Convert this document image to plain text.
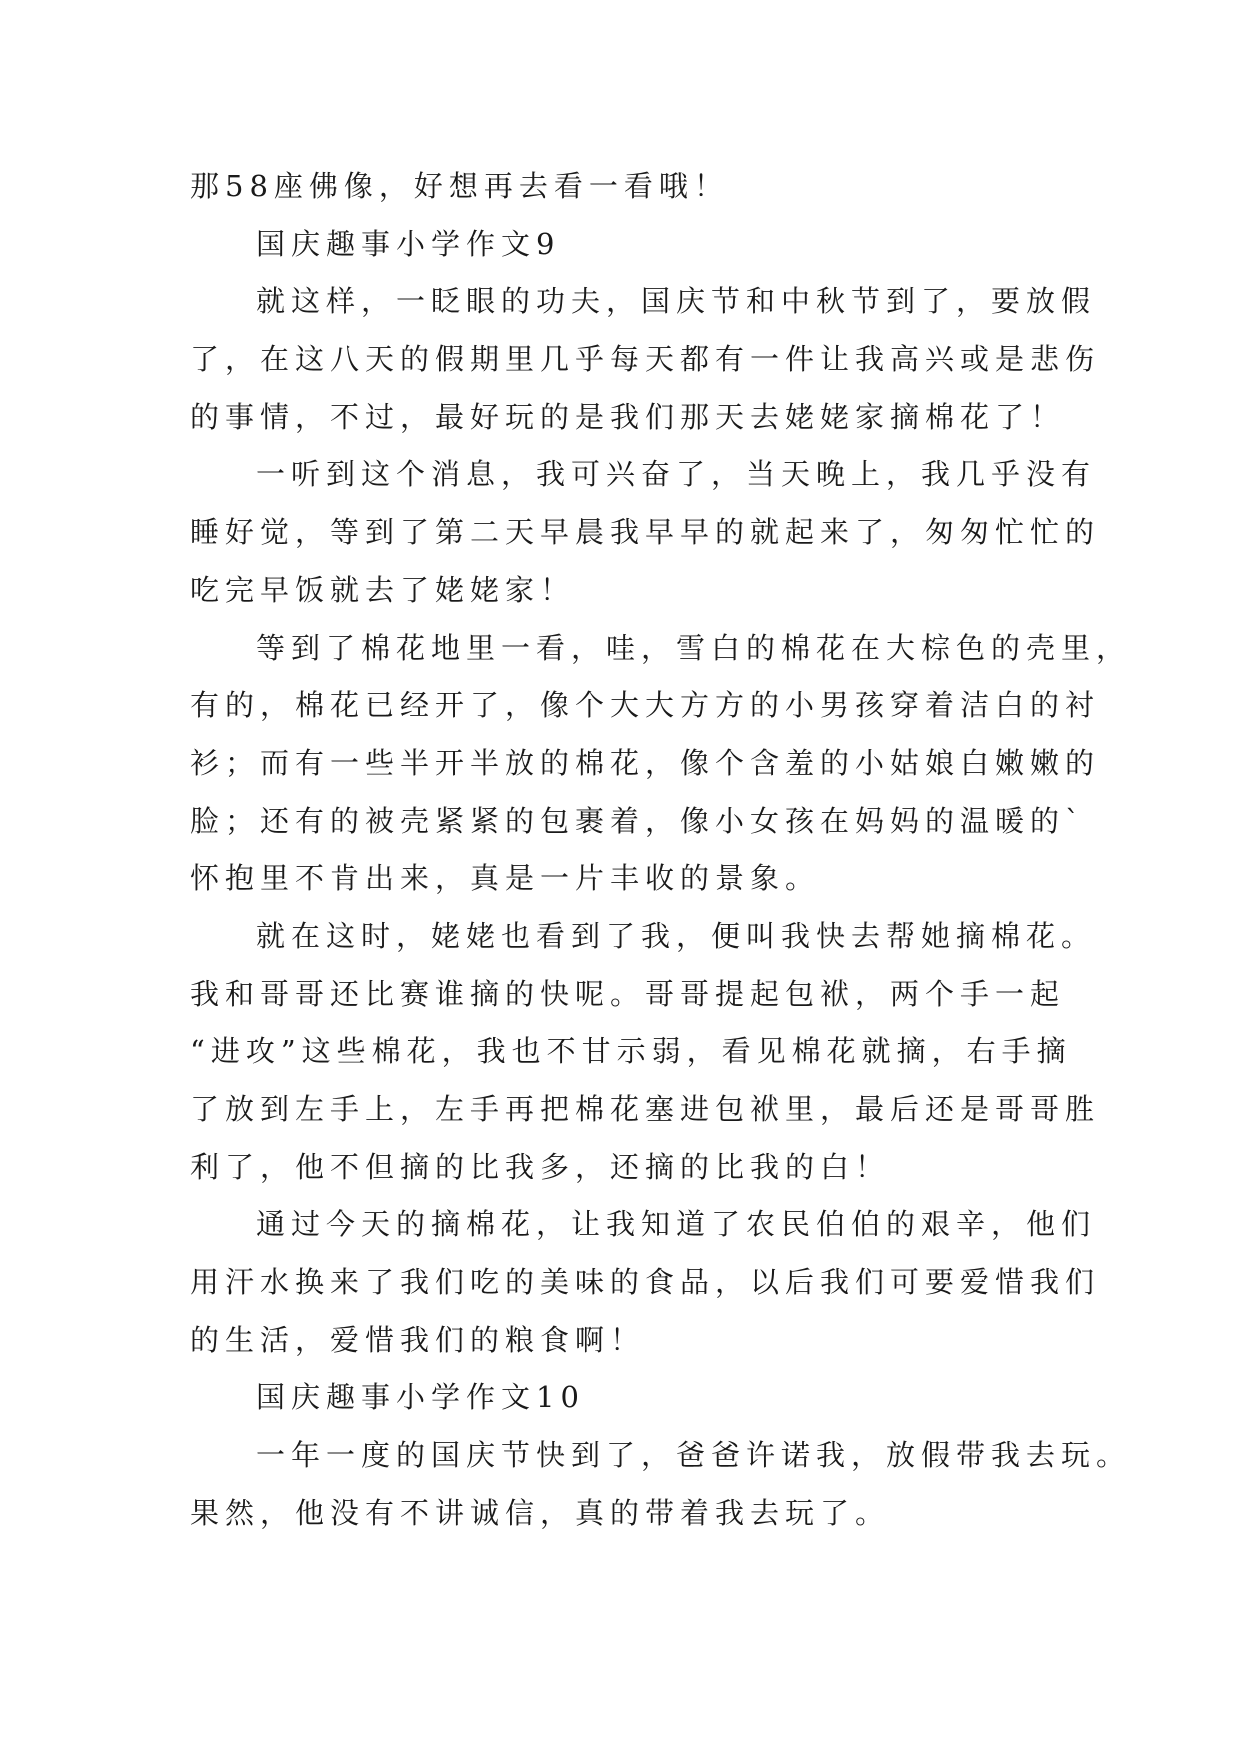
那58座佛像，好想再去看一看哦！
国庆趣事小学作文9
就这样，一眨眼的功夫，国庆节和中秋节到了，要放假
了，在这八天的假期里几乎每天都有一件让我高兴或是悲伤
的事情，不过，最好玩的是我们那天去姥姥家摘棉花了！
一听到这个消息，我可兴奋了，当天晚上，我几乎没有
睡好觉，等到了第二天早晨我早早的就起来了，匆匆忙忙的
吃完早饭就去了姥姥家！
等到了棉花地里一看，哇，雪白的棉花在大棕色的壳里，
有的，棉花已经开了，像个大大方方的小男孩穿着洁白的衬
衫；而有一些半开半放的棉花，像个含羞的小姑娘白嫩嫩的
脸；还有的被壳紧紧的包裹着，像小女孩在妈妈的温暖的`
怀抱里不肯出来，真是一片丰收的景象。
就在这时，姥姥也看到了我，便叫我快去帮她摘棉花。
我和哥哥还比赛谁摘的快呢。哥哥提起包袱，两个手一起
“进攻”这些棉花，我也不甘示弱，看见棉花就摘，右手摘
了放到左手上，左手再把棉花塞进包袱里，最后还是哥哥胜
利了，他不但摘的比我多，还摘的比我的白！
通过今天的摘棉花，让我知道了农民伯伯的艰辛，他们
用汗水换来了我们吃的美味的食品，以后我们可要爱惜我们
的生活，爱惜我们的粮食啊！
国庆趣事小学作文10
一年一度的国庆节快到了，爸爸许诺我，放假带我去玩。
果然，他没有不讲诚信，真的带着我去玩了。
